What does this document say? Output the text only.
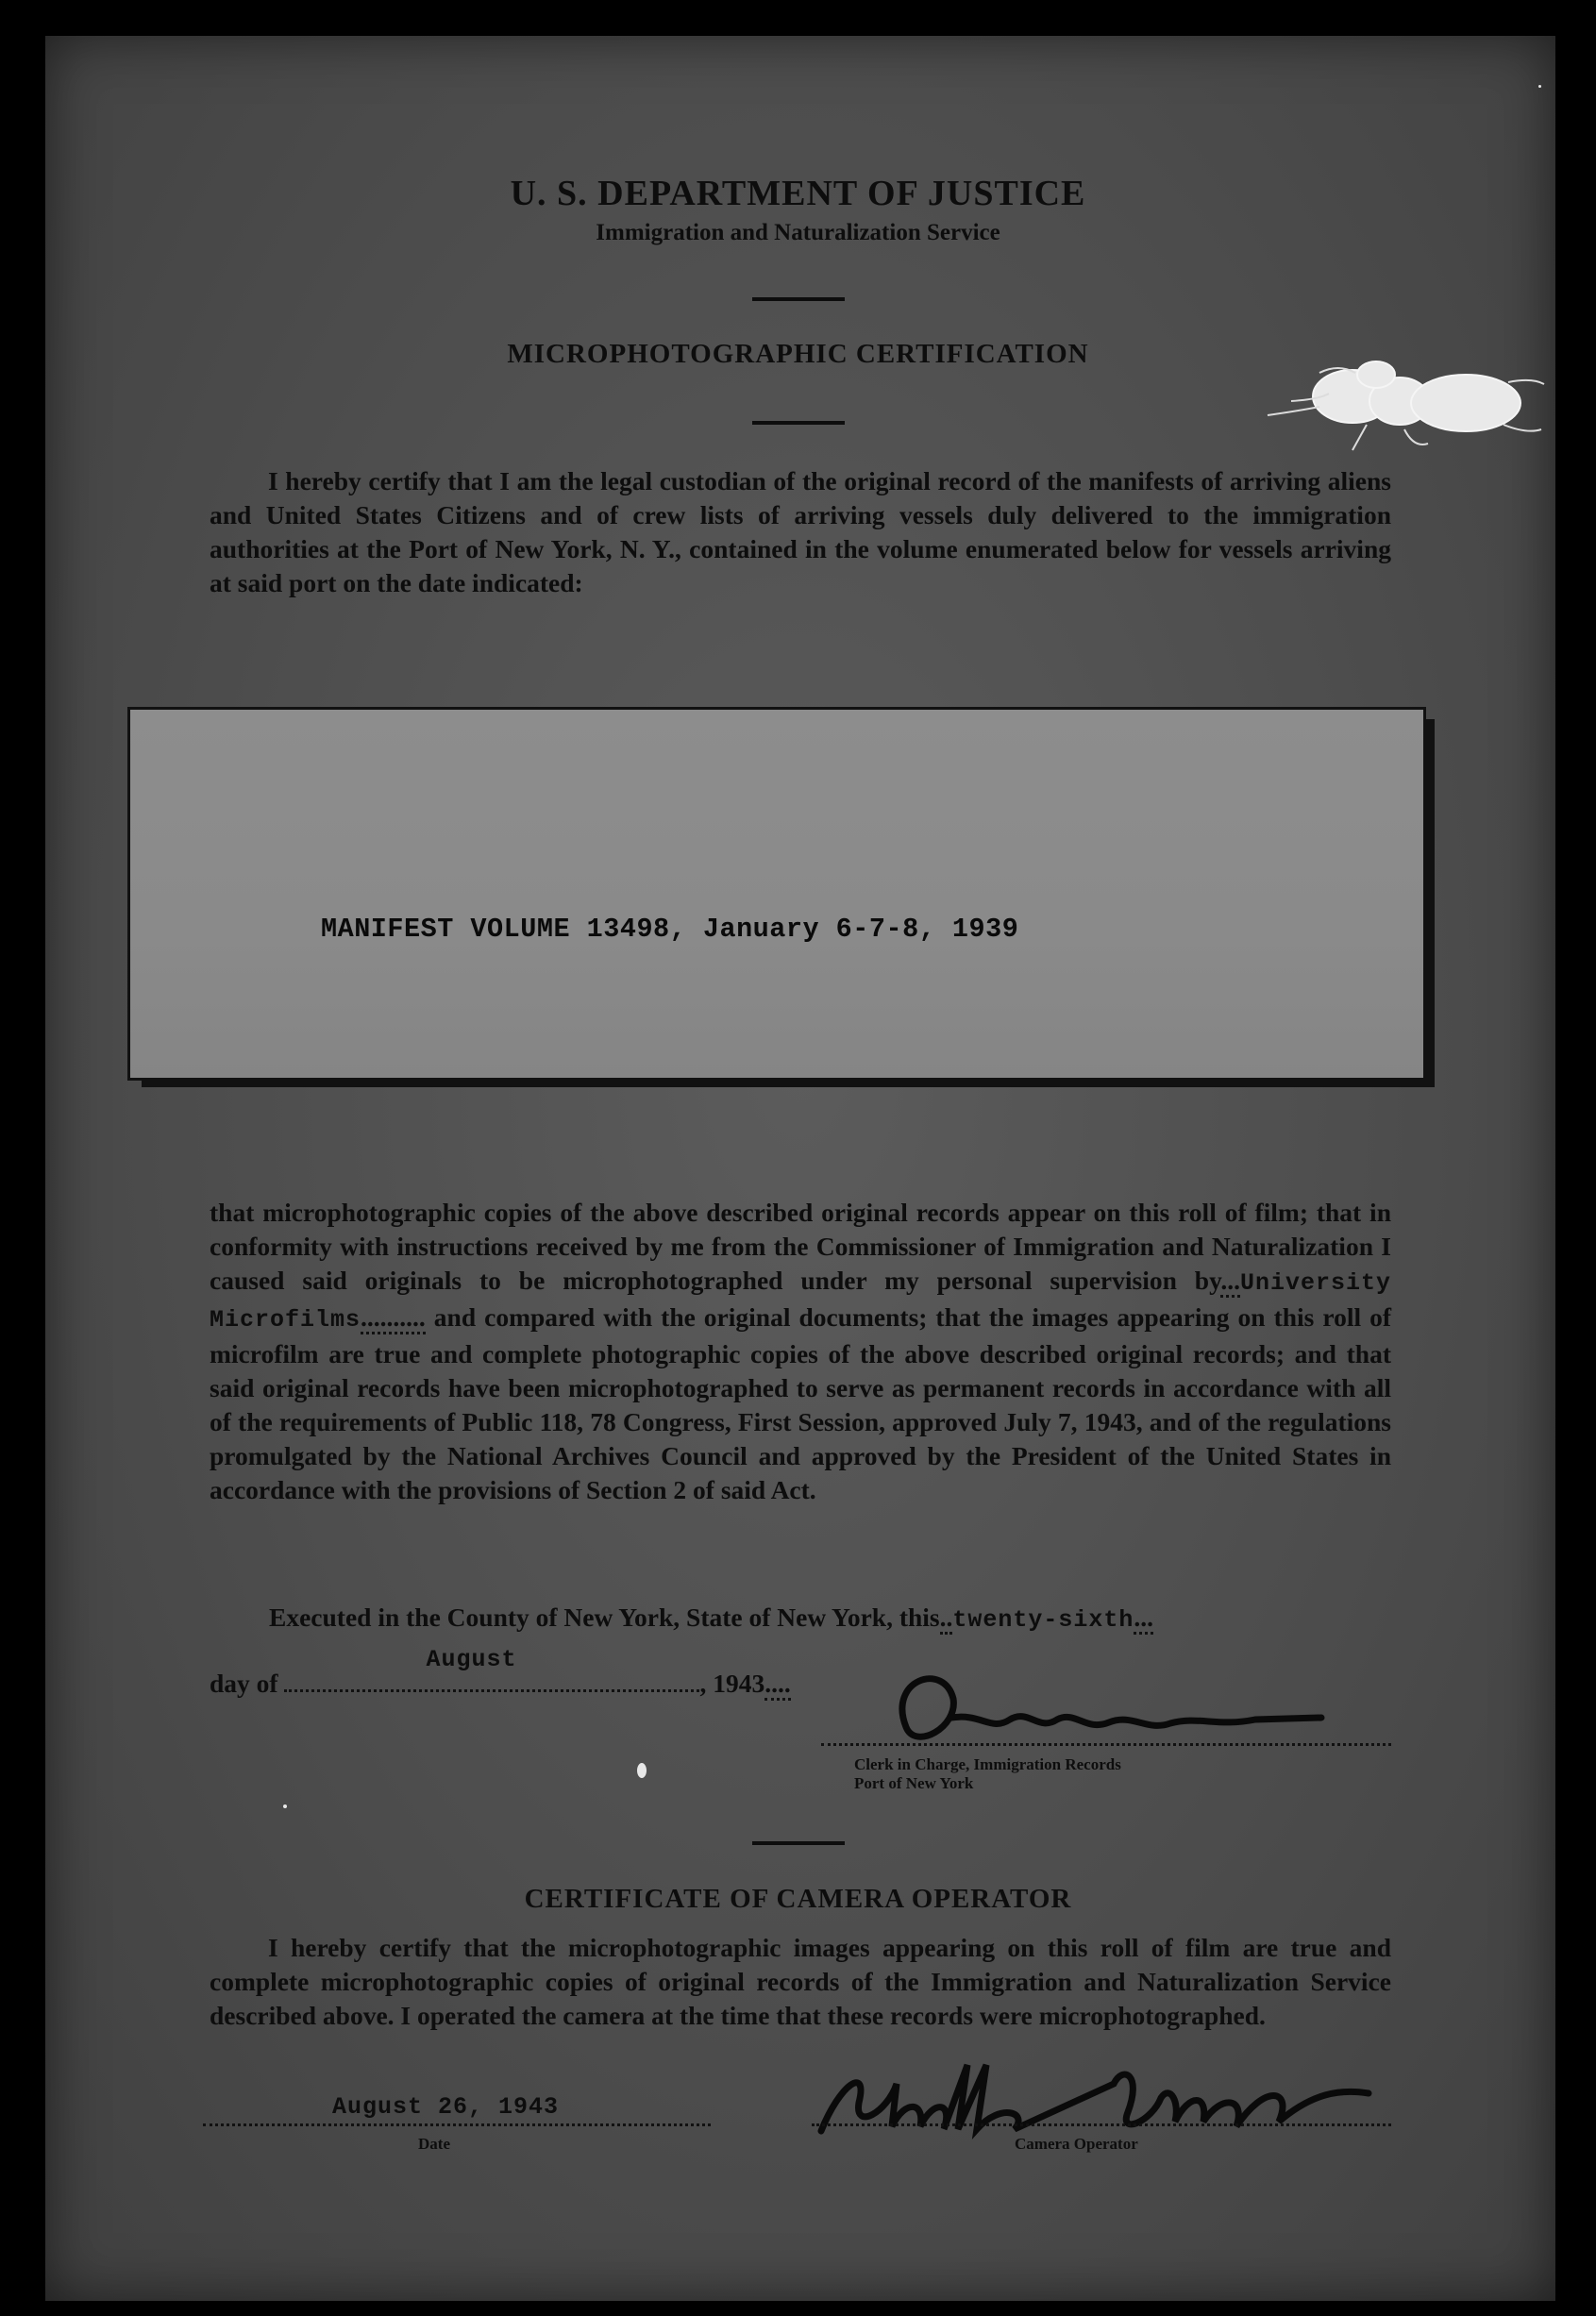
U. S. DEPARTMENT OF JUSTICE
Immigration and Naturalization Service
MICROPHOTOGRAPHIC CERTIFICATION

I hereby certify that I am the legal custodian of the original record of the manifests of arriving aliens and United States Citizens and of crew lists of arriving vessels duly delivered to the immigration authorities at the Port of New York, N. Y., contained in the volume enumerated below for vessels arriving at said port on the date indicated:

MANIFEST VOLUME 13498, January 6-7-8, 1939

that microphotographic copies of the above described original records appear on this roll of film; that in conformity with instructions received by me from the Commissioner of Immigration and Naturalization I caused said originals to be microphotographed under my personal supervision by...University Microfilms.......... and compared with the original documents; that the images appearing on this roll of microfilm are true and complete photographic copies of the above described original records; and that said original records have been microphotographed to serve as permanent records in accordance with all of the requirements of Public 118, 78 Congress, First Session, approved July 7, 1943, and of the regulations promulgated by the National Archives Council and approved by the President of the United States in accordance with the provisions of Section 2 of said Act.

Executed in the County of New York, State of New York, this..twenty-sixth...
day of
August
, 1943....
Clerk in Charge, Immigration Records
Port of New York
CERTIFICATE OF CAMERA OPERATOR

I hereby certify that the microphotographic images appearing on this roll of film are true and complete microphotographic copies of original records of the Immigration and Naturalization Service described above. I operated the camera at the time that these records were microphotographed.

August 26, 1943
Date	Camera Operator
